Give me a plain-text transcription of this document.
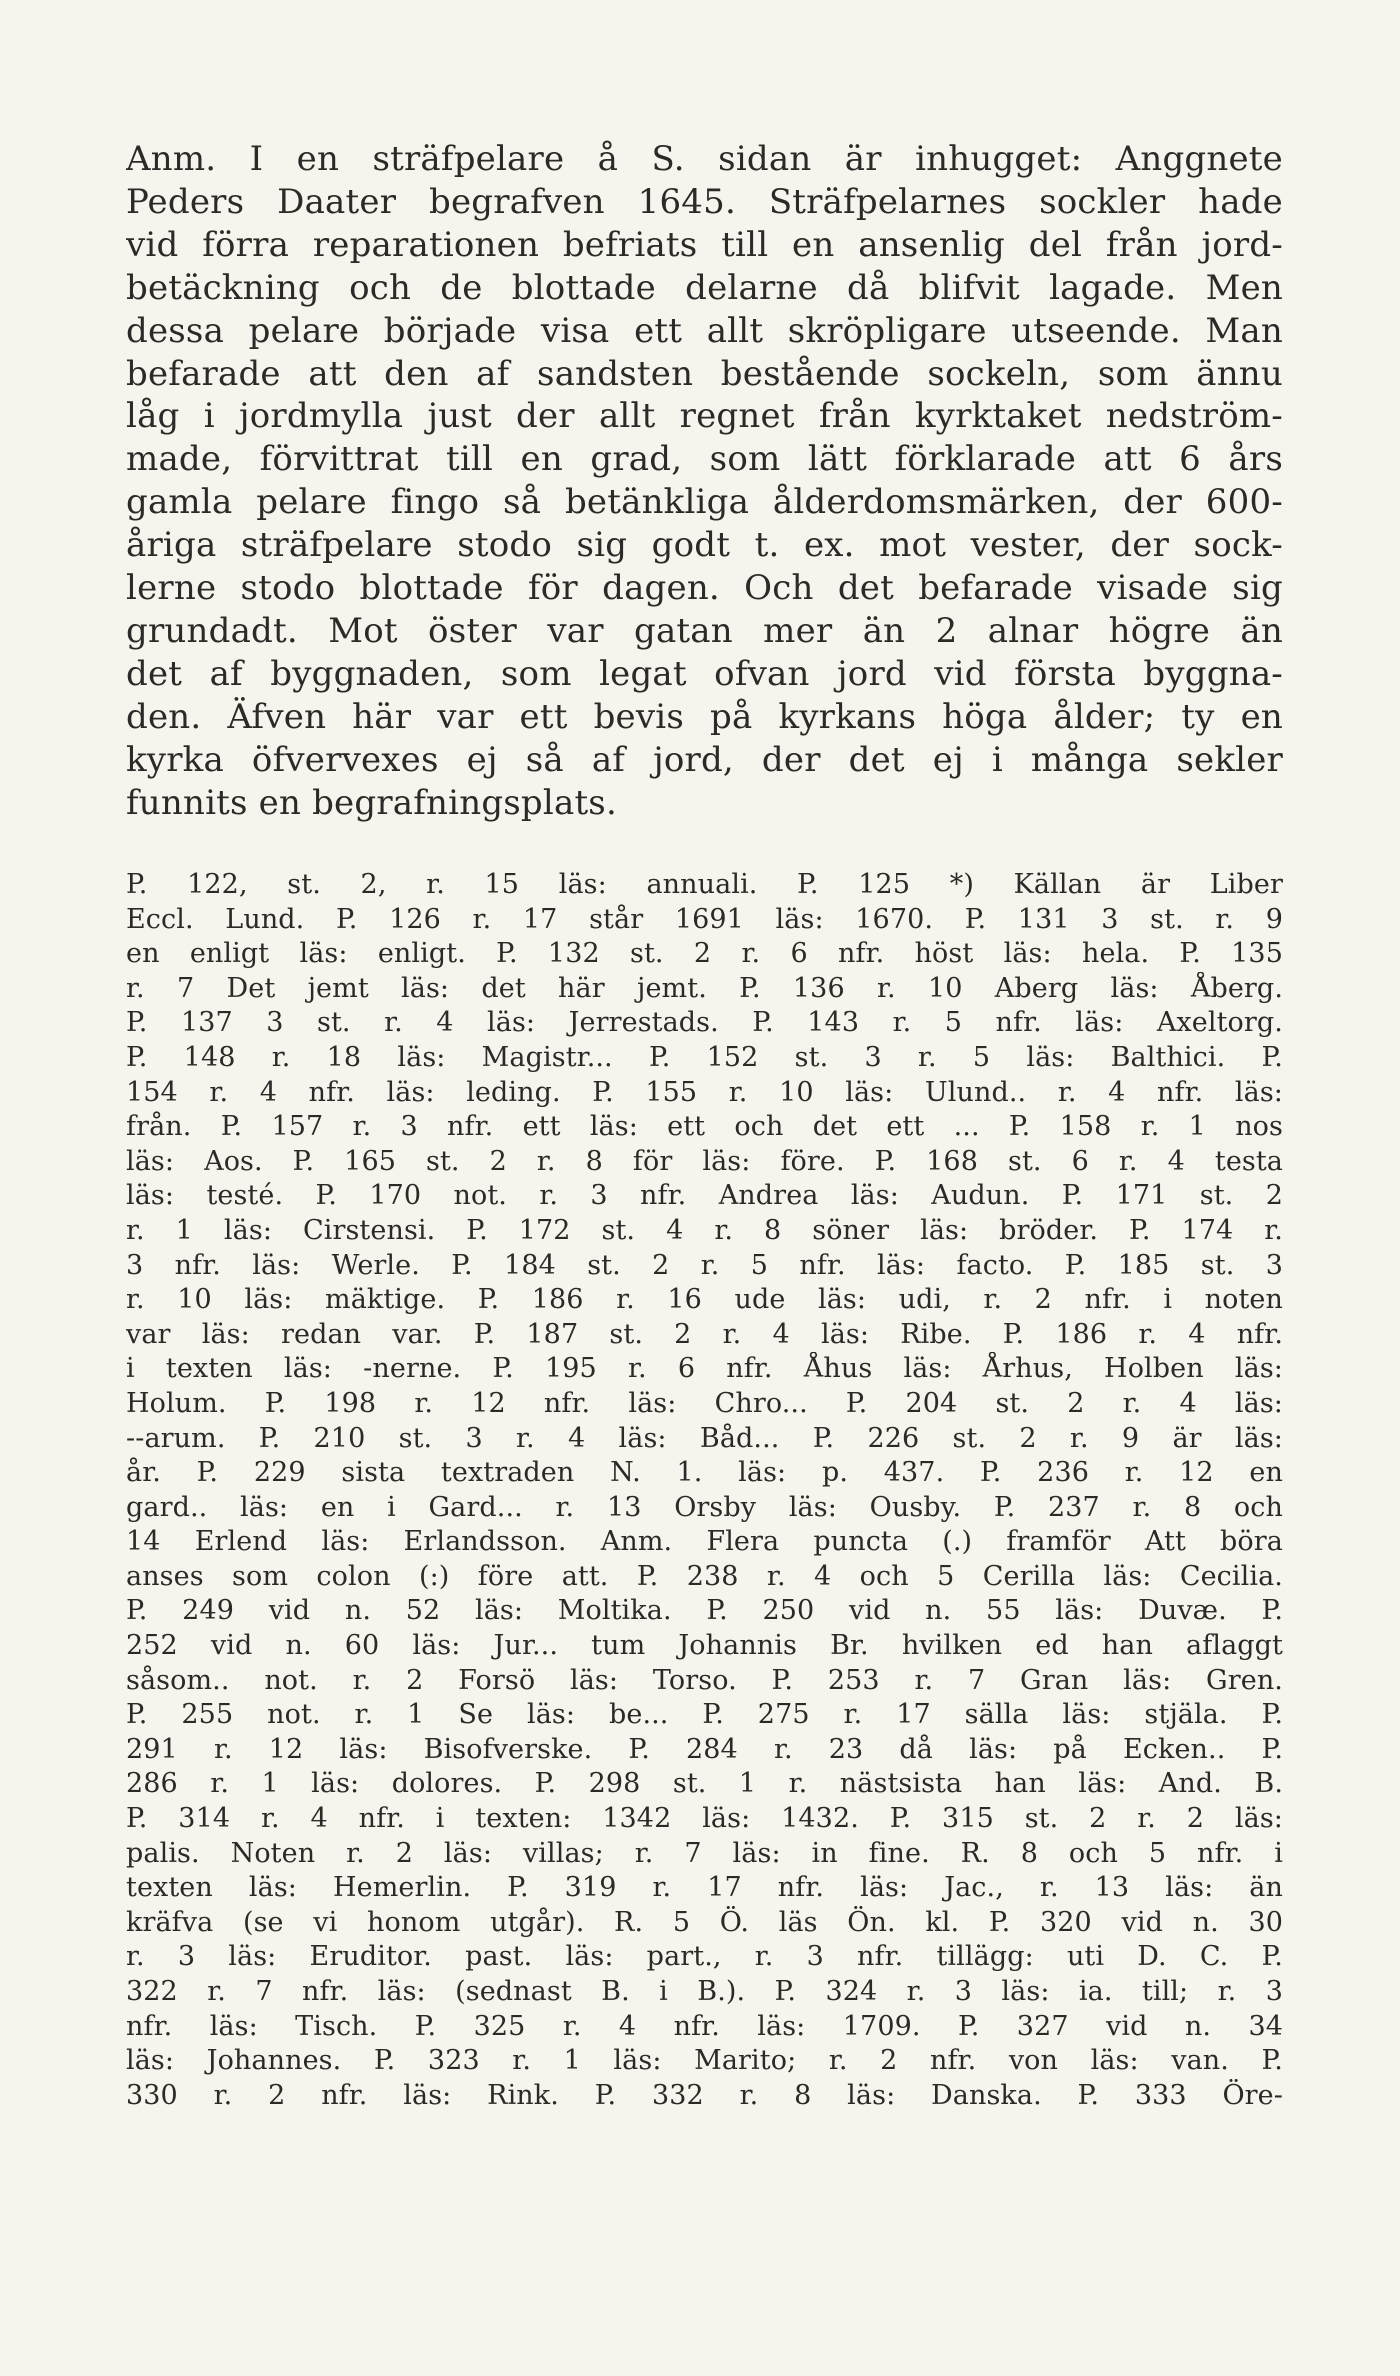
Anm. I en sträfpelare å S. sidan är inhugget: Anggnete
Peders Daater begrafven 1645. Sträfpelarnes sockler hade
vid förra reparationen befriats till en ansenlig del från jord-
betäckning och de blottade delarne då blifvit lagade. Men
dessa pelare började visa ett allt skröpligare utseende. Man
befarade att den af sandsten bestående sockeln, som ännu
låg i jordmylla just der allt regnet från kyrktaket nedström-
made, förvittrat till en grad, som lätt förklarade att 6 års
gamla pelare fingo så betänkliga ålderdomsmärken, der 600-
åriga sträfpelare stodo sig godt t. ex. mot vester, der sock-
lerne stodo blottade för dagen. Och det befarade visade sig
grundadt. Mot öster var gatan mer än 2 alnar högre än
det af byggnaden, som legat ofvan jord vid första byggna-
den. Äfven här var ett bevis på kyrkans höga ålder; ty en
kyrka öfvervexes ej så af jord, der det ej i många sekler
funnits en begrafningsplats.
P. 122, st. 2, r. 15 läs: annuali. P. 125 *) Källan är Liber
Eccl. Lund. P. 126 r. 17 står 1691 läs: 1670. P. 131 3 st. r. 9
en enligt läs: enligt. P. 132 st. 2 r. 6 nfr. höst läs: hela. P. 135
r. 7 Det jemt läs: det här jemt. P. 136 r. 10 Aberg läs: Åberg.
P. 137 3 st. r. 4 läs: Jerrestads. P. 143 r. 5 nfr. läs: Axeltorg.
P. 148 r. 18 läs: Magistr... P. 152 st. 3 r. 5 läs: Balthici. P.
154 r. 4 nfr. läs: leding. P. 155 r. 10 läs: Ulund.. r. 4 nfr. läs:
från. P. 157 r. 3 nfr. ett läs: ett och det ett ... P. 158 r. 1 nos
läs: Aos. P. 165 st. 2 r. 8 för läs: före. P. 168 st. 6 r. 4 testa
läs: testé. P. 170 not. r. 3 nfr. Andrea läs: Audun. P. 171 st. 2
r. 1 läs: Cirstensi. P. 172 st. 4 r. 8 söner läs: bröder. P. 174 r.
3 nfr. läs: Werle. P. 184 st. 2 r. 5 nfr. läs: facto. P. 185 st. 3
r. 10 läs: mäktige. P. 186 r. 16 ude läs: udi, r. 2 nfr. i noten
var läs: redan var. P. 187 st. 2 r. 4 läs: Ribe. P. 186 r. 4 nfr.
i texten läs: -nerne. P. 195 r. 6 nfr. Åhus läs: Århus, Holben läs:
Holum. P. 198 r. 12 nfr. läs: Chro... P. 204 st. 2 r. 4 läs:
--arum. P. 210 st. 3 r. 4 läs: Båd... P. 226 st. 2 r. 9 är läs:
år. P. 229 sista textraden N. 1. läs: p. 437. P. 236 r. 12 en
gard.. läs: en i Gard... r. 13 Orsby läs: Ousby. P. 237 r. 8 och
14 Erlend läs: Erlandsson. Anm. Flera puncta (.) framför Att böra
anses som colon (:) före att. P. 238 r. 4 och 5 Cerilla läs: Cecilia.
P. 249 vid n. 52 läs: Moltika. P. 250 vid n. 55 läs: Duvæ. P.
252 vid n. 60 läs: Jur... tum Johannis Br. hvilken ed han aflaggt
såsom.. not. r. 2 Forsö läs: Torso. P. 253 r. 7 Gran läs: Gren.
P. 255 not. r. 1 Se läs: be... P. 275 r. 17 sälla läs: stjäla. P.
291 r. 12 läs: Bisofverske. P. 284 r. 23 då läs: på Ecken.. P.
286 r. 1 läs: dolores. P. 298 st. 1 r. nästsista han läs: And. B.
P. 314 r. 4 nfr. i texten: 1342 läs: 1432. P. 315 st. 2 r. 2 läs:
palis. Noten r. 2 läs: villas; r. 7 läs: in fine. R. 8 och 5 nfr. i
texten läs: Hemerlin. P. 319 r. 17 nfr. läs: Jac., r. 13 läs: än
kräfva (se vi honom utgår). R. 5 Ö. läs Ön. kl. P. 320 vid n. 30
r. 3 läs: Eruditor. past. läs: part., r. 3 nfr. tillägg: uti D. C. P.
322 r. 7 nfr. läs: (sednast B. i B.). P. 324 r. 3 läs: ia. till; r. 3
nfr. läs: Tisch. P. 325 r. 4 nfr. läs: 1709. P. 327 vid n. 34
läs: Johannes. P. 323 r. 1 läs: Marito; r. 2 nfr. von läs: van. P.
330 r. 2 nfr. läs: Rink. P. 332 r. 8 läs: Danska. P. 333 Öre-
